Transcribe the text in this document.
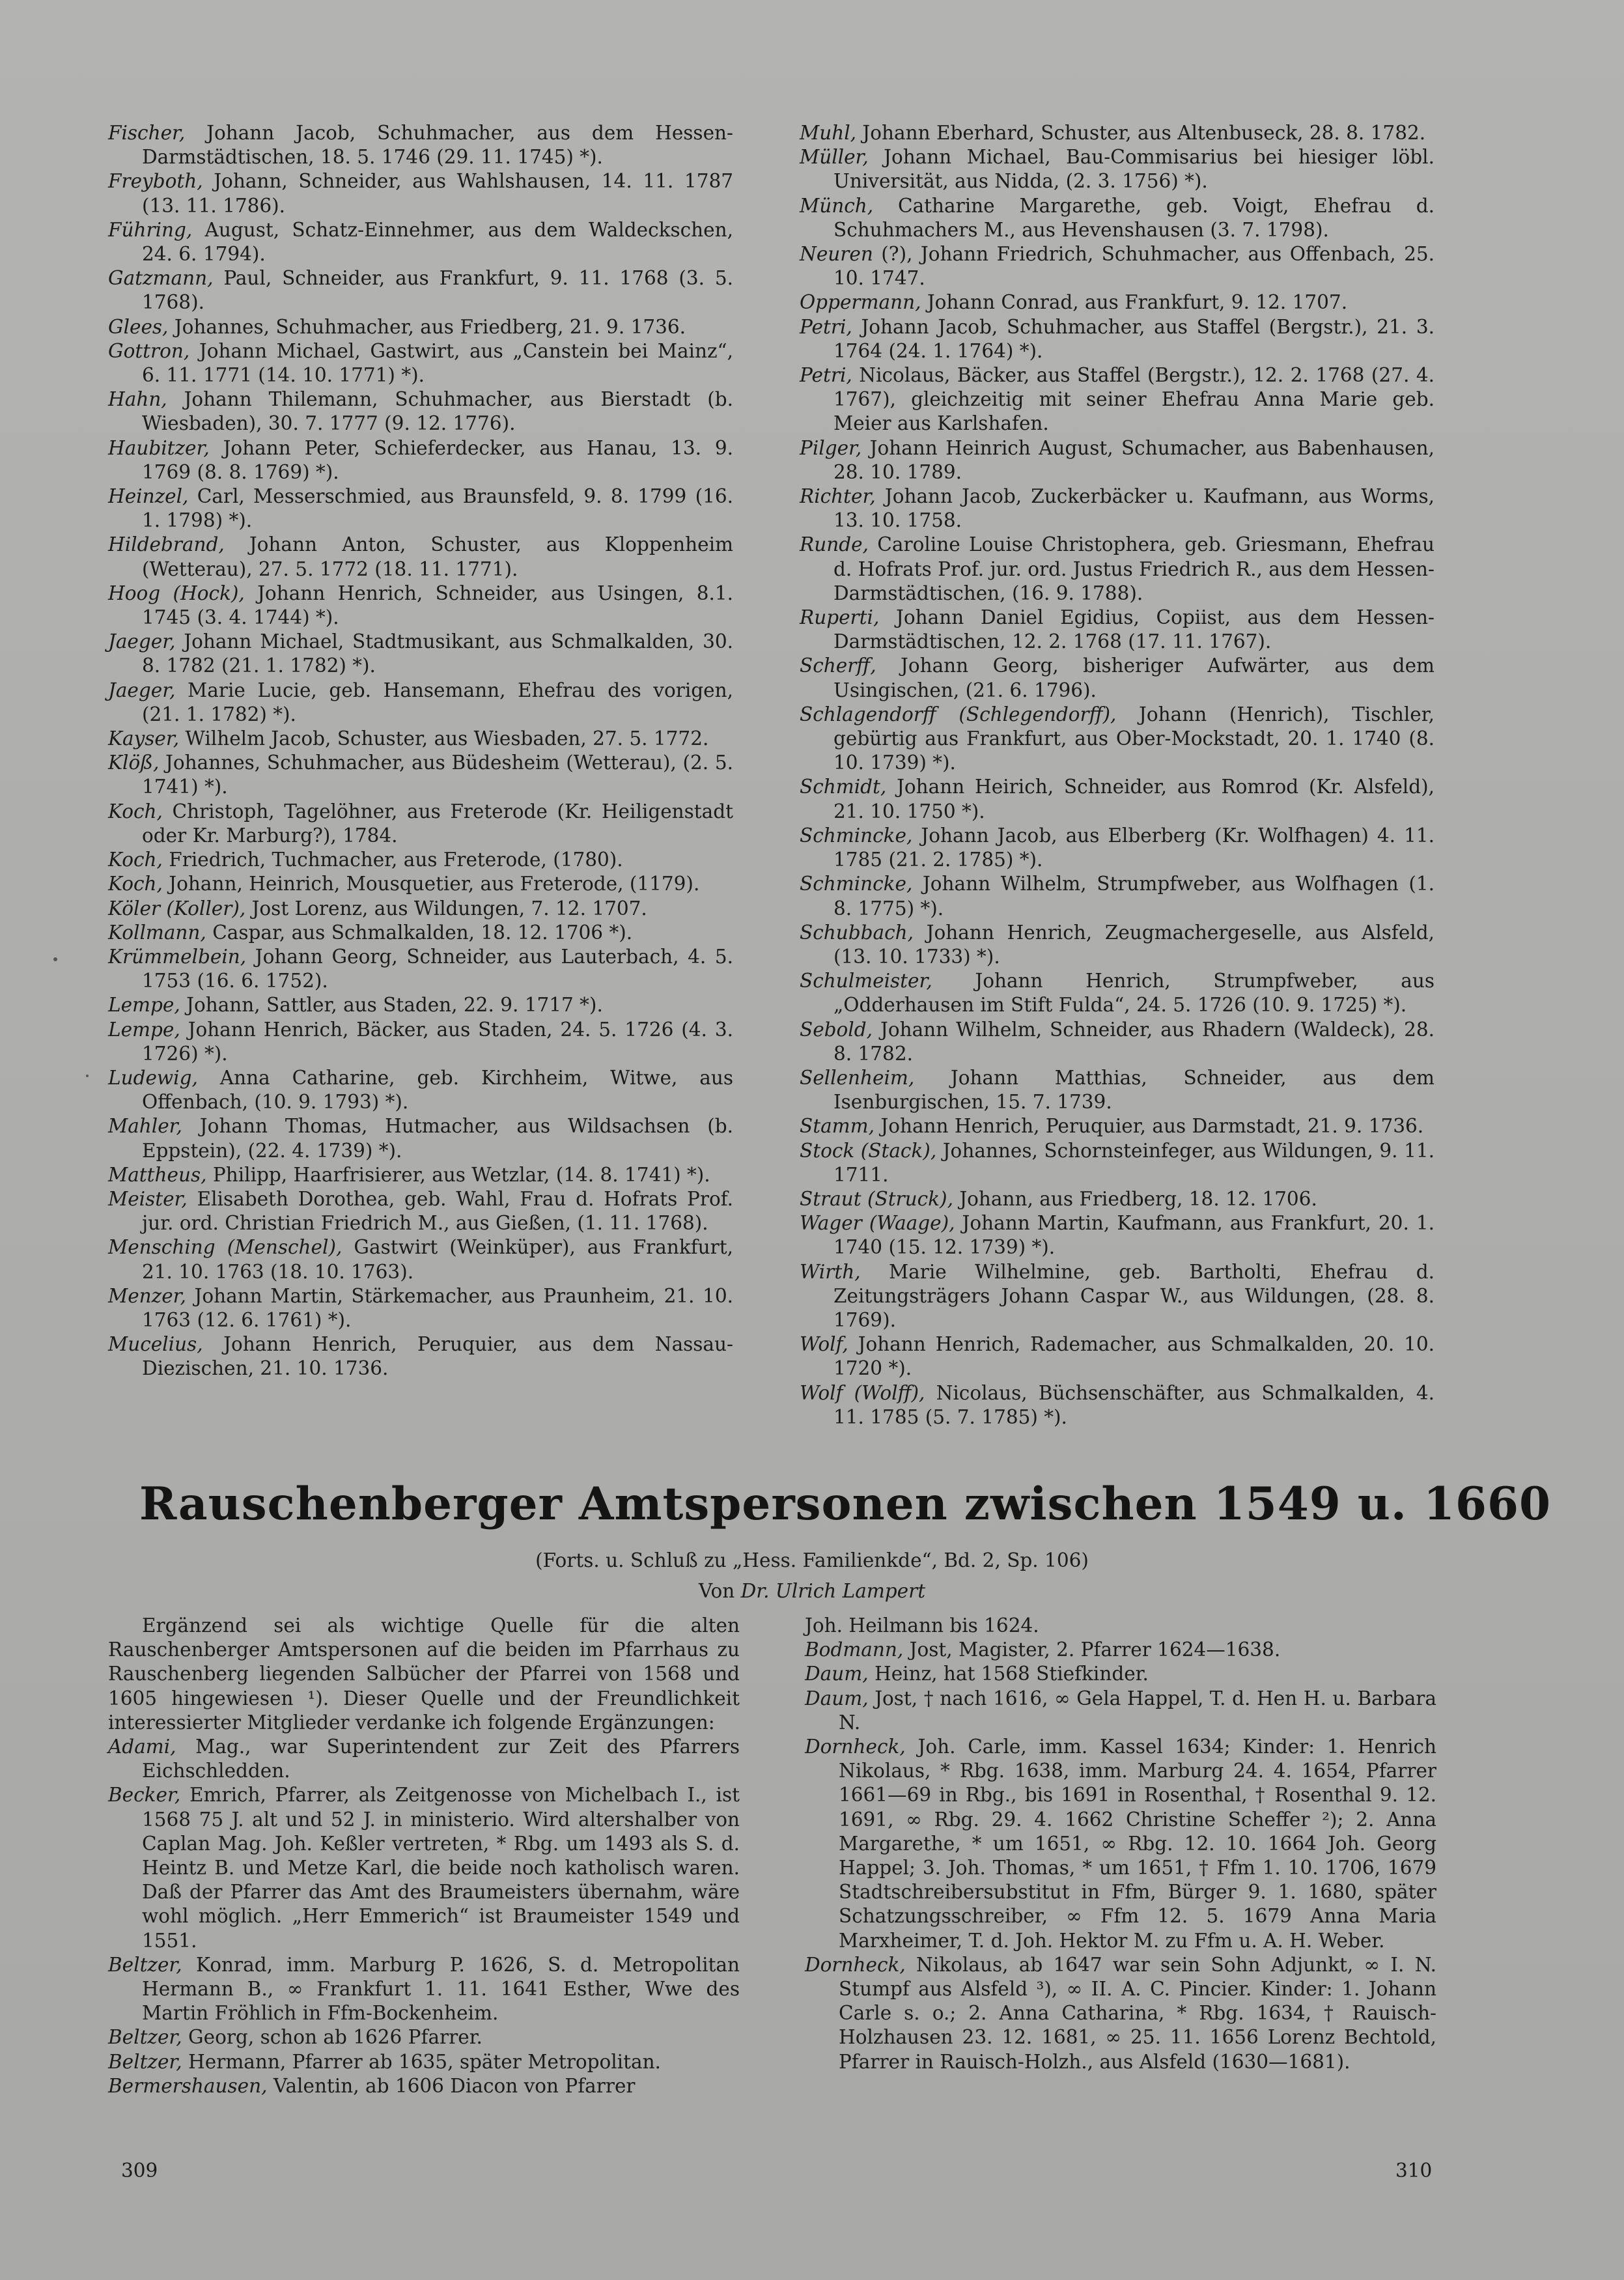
Fischer, Johann Jacob, Schuhmacher, aus dem Hessen-Darmstädtischen, 18. 5. 1746 (29. 11. 1745) *).
Freyboth, Johann, Schneider, aus Wahlshausen, 14. 11. 1787 (13. 11. 1786).
Führing, August, Schatz-Einnehmer, aus dem Waldeckschen, 24. 6. 1794).
Gatzmann, Paul, Schneider, aus Frankfurt, 9. 11. 1768 (3. 5. 1768).
Glees, Johannes, Schuhmacher, aus Friedberg, 21. 9. 1736.
Gottron, Johann Michael, Gastwirt, aus „Canstein bei Mainz“, 6. 11. 1771 (14. 10. 1771) *).
Hahn, Johann Thilemann, Schuhmacher, aus Bierstadt (b. Wiesbaden), 30. 7. 1777 (9. 12. 1776).
Haubitzer, Johann Peter, Schieferdecker, aus Hanau, 13. 9. 1769 (8. 8. 1769) *).
Heinzel, Carl, Messerschmied, aus Braunsfeld, 9. 8. 1799 (16. 1. 1798) *).
Hildebrand, Johann Anton, Schuster, aus Kloppenheim (Wetterau), 27. 5. 1772 (18. 11. 1771).
Hoog (Hock), Johann Henrich, Schneider, aus Usingen, 8.1. 1745 (3. 4. 1744) *).
Jaeger, Johann Michael, Stadtmusikant, aus Schmalkalden, 30. 8. 1782 (21. 1. 1782) *).
Jaeger, Marie Lucie, geb. Hansemann, Ehefrau des vorigen, (21. 1. 1782) *).
Kayser, Wilhelm Jacob, Schuster, aus Wiesbaden, 27. 5. 1772.
Klöß, Johannes, Schuhmacher, aus Büdesheim (Wetterau), (2. 5. 1741) *).
Koch, Christoph, Tagelöhner, aus Freterode (Kr. Heiligenstadt oder Kr. Marburg?), 1784.
Koch, Friedrich, Tuchmacher, aus Freterode, (1780).
Koch, Johann, Heinrich, Mousquetier, aus Freterode, (1179).
Köler (Koller), Jost Lorenz, aus Wildungen, 7. 12. 1707.
Kollmann, Caspar, aus Schmalkalden, 18. 12. 1706 *).
Krümmelbein, Johann Georg, Schneider, aus Lauterbach, 4. 5. 1753 (16. 6. 1752).
Lempe, Johann, Sattler, aus Staden, 22. 9. 1717 *).
Lempe, Johann Henrich, Bäcker, aus Staden, 24. 5. 1726 (4. 3. 1726) *).
Ludewig, Anna Catharine, geb. Kirchheim, Witwe, aus Offenbach, (10. 9. 1793) *).
Mahler, Johann Thomas, Hutmacher, aus Wildsachsen (b. Eppstein), (22. 4. 1739) *).
Mattheus, Philipp, Haarfrisierer, aus Wetzlar, (14. 8. 1741) *).
Meister, Elisabeth Dorothea, geb. Wahl, Frau d. Hofrats Prof. jur. ord. Christian Friedrich M., aus Gießen, (1. 11. 1768).
Mensching (Menschel), Gastwirt (Weinküper), aus Frankfurt, 21. 10. 1763 (18. 10. 1763).
Menzer, Johann Martin, Stärkemacher, aus Praunheim, 21. 10. 1763 (12. 6. 1761) *).
Mucelius, Johann Henrich, Peruquier, aus dem Nassau-Diezischen, 21. 10. 1736.
Muhl, Johann Eberhard, Schuster, aus Altenbuseck, 28. 8. 1782.
Müller, Johann Michael, Bau-Commisarius bei hiesiger löbl. Universität, aus Nidda, (2. 3. 1756) *).
Münch, Catharine Margarethe, geb. Voigt, Ehefrau d. Schuhmachers M., aus Hevenshausen (3. 7. 1798).
Neuren (?), Johann Friedrich, Schuhmacher, aus Offenbach, 25. 10. 1747.
Oppermann, Johann Conrad, aus Frankfurt, 9. 12. 1707.
Petri, Johann Jacob, Schuhmacher, aus Staffel (Bergstr.), 21. 3. 1764 (24. 1. 1764) *).
Petri, Nicolaus, Bäcker, aus Staffel (Bergstr.), 12. 2. 1768 (27. 4. 1767), gleichzeitig mit seiner Ehefrau Anna Marie geb. Meier aus Karlshafen.
Pilger, Johann Heinrich August, Schumacher, aus Babenhausen, 28. 10. 1789.
Richter, Johann Jacob, Zuckerbäcker u. Kaufmann, aus Worms, 13. 10. 1758.
Runde, Caroline Louise Christophera, geb. Griesmann, Ehefrau d. Hofrats Prof. jur. ord. Justus Friedrich R., aus dem Hessen-Darmstädtischen, (16. 9. 1788).
Ruperti, Johann Daniel Egidius, Copiist, aus dem Hessen-Darmstädtischen, 12. 2. 1768 (17. 11. 1767).
Scherff, Johann Georg, bisheriger Aufwärter, aus dem Usingischen, (21. 6. 1796).
Schlagendorff (Schlegendorff), Johann (Henrich), Tischler, gebürtig aus Frankfurt, aus Ober-Mockstadt, 20. 1. 1740 (8. 10. 1739) *).
Schmidt, Johann Heirich, Schneider, aus Romrod (Kr. Alsfeld), 21. 10. 1750 *).
Schmincke, Johann Jacob, aus Elberberg (Kr. Wolfhagen) 4. 11. 1785 (21. 2. 1785) *).
Schmincke, Johann Wilhelm, Strumpfweber, aus Wolfhagen (1. 8. 1775) *).
Schubbach, Johann Henrich, Zeugmachergeselle, aus Alsfeld, (13. 10. 1733) *).
Schulmeister, Johann Henrich, Strumpfweber, aus „Odderhausen im Stift Fulda“, 24. 5. 1726 (10. 9. 1725) *).
Sebold, Johann Wilhelm, Schneider, aus Rhadern (Waldeck), 28. 8. 1782.
Sellenheim, Johann Matthias, Schneider, aus dem Isenburgischen, 15. 7. 1739.
Stamm, Johann Henrich, Peruquier, aus Darmstadt, 21. 9. 1736.
Stock (Stack), Johannes, Schornsteinfeger, aus Wildungen, 9. 11. 1711.
Straut (Struck), Johann, aus Friedberg, 18. 12. 1706.
Wager (Waage), Johann Martin, Kaufmann, aus Frankfurt, 20. 1. 1740 (15. 12. 1739) *).
Wirth, Marie Wilhelmine, geb. Bartholti, Ehefrau d. Zeitungsträgers Johann Caspar W., aus Wildungen, (28. 8. 1769).
Wolf, Johann Henrich, Rademacher, aus Schmalkalden, 20. 10. 1720 *).
Wolf (Wolff), Nicolaus, Büchsenschäfter, aus Schmalkalden, 4. 11. 1785 (5. 7. 1785) *).
Rauschenberger Amtspersonen zwischen 1549 u. 1660
(Forts. u. Schluß zu „Hess. Familienkde“, Bd. 2, Sp. 106)
Von Dr. Ulrich Lampert
Ergänzend sei als wichtige Quelle für die alten Rauschenberger Amtspersonen auf die beiden im Pfarrhaus zu Rauschenberg liegenden Salbücher der Pfarrei von 1568 und 1605 hingewiesen ¹). Dieser Quelle und der Freundlichkeit interessierter Mitglieder verdanke ich folgende Ergänzungen:
Adami, Mag., war Superintendent zur Zeit des Pfarrers Eichschledden.
Becker, Emrich, Pfarrer, als Zeitgenosse von Michelbach I., ist 1568 75 J. alt und 52 J. in ministerio. Wird altershalber von Caplan Mag. Joh. Keßler vertreten, * Rbg. um 1493 als S. d. Heintz B. und Metze Karl, die beide noch katholisch waren. Daß der Pfarrer das Amt des Braumeisters übernahm, wäre wohl möglich. „Herr Emmerich“ ist Braumeister 1549 und 1551.
Beltzer, Konrad, imm. Marburg P. 1626, S. d. Metropolitan Hermann B., ∞ Frankfurt 1. 11. 1641 Esther, Wwe des Martin Fröhlich in Ffm-Bockenheim.
Beltzer, Georg, schon ab 1626 Pfarrer.
Beltzer, Hermann, Pfarrer ab 1635, später Metropolitan.
Bermershausen, Valentin, ab 1606 Diacon von Pfarrer
Joh. Heilmann bis 1624.
Bodmann, Jost, Magister, 2. Pfarrer 1624—1638.
Daum, Heinz, hat 1568 Stiefkinder.
Daum, Jost, † nach 1616, ∞ Gela Happel, T. d. Hen H. u. Barbara N.
Dornheck, Joh. Carle, imm. Kassel 1634; Kinder: 1. Henrich Nikolaus, * Rbg. 1638, imm. Marburg 24. 4. 1654, Pfarrer 1661—69 in Rbg., bis 1691 in Rosenthal, † Rosenthal 9. 12. 1691, ∞ Rbg. 29. 4. 1662 Christine Scheffer ²); 2. Anna Margarethe, * um 1651, ∞ Rbg. 12. 10. 1664 Joh. Georg Happel; 3. Joh. Thomas, * um 1651, † Ffm 1. 10. 1706, 1679 Stadtschreibersubstitut in Ffm, Bürger 9. 1. 1680, später Schatzungsschreiber, ∞ Ffm 12. 5. 1679 Anna Maria Marxheimer, T. d. Joh. Hektor M. zu Ffm u. A. H. Weber.
Dornheck, Nikolaus, ab 1647 war sein Sohn Adjunkt, ∞ I. N. Stumpf aus Alsfeld ³), ∞ II. A. C. Pincier. Kinder: 1. Johann Carle s. o.; 2. Anna Catharina, * Rbg. 1634, † Rauisch-Holzhausen 23. 12. 1681, ∞ 25. 11. 1656 Lorenz Bechtold, Pfarrer in Rauisch-Holzh., aus Alsfeld (1630—1681).
309	310
